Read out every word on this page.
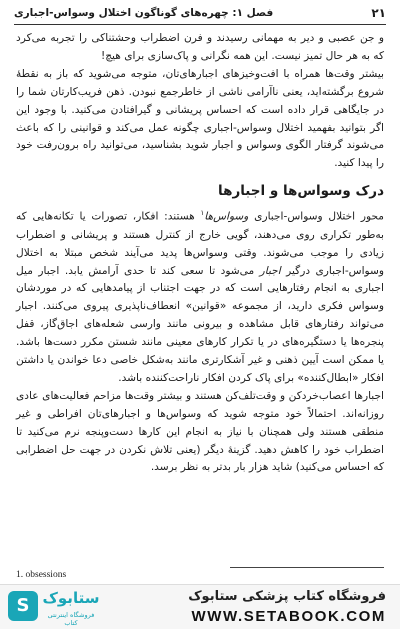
فصل ۱: چهره‌های گوناگون اختلال وسواس-اجباری	۲۱

و جن عصبی و دیر به مهمانی رسیدند و فرن اضطراب وحشتناکی را تجربه می‌کرد که به هر حال تمیز نیست. این همه نگرانی و پاک‌سازی برای هیچ!

بیشتر وقت‌ها همراه با افت‌وخیزهای اجبارهای‌تان، متوجه می‌شوید که باز به نقطهٔ شروع برگشته‌اید، یعنی ناآرامی ناشی از خاطرجمع نبودن. ذهن فریب‌کارتان شما را در جایگاهی قرار داده است که احساس پریشانی و گیرافتادن می‌کنید. با وجود این اگر بتوانید بفهمید اختلال وسواس-اجباری چگونه عمل می‌کند و قوانینی را که باعث می‌شوند گرفتار الگوی وسواس و اجبار شوید بشناسید، می‌توانید راه برون‌رفت خود را پیدا کنید.

درک وسواس‌ها و اجبارها

محور اختلال وسواس-اجباری وسواس‌ها$^۱$ هستند: افکار، تصورات یا تکانه‌هایی که به‌طور تکراری روی می‌دهند، گویی خارج از کنترل هستند و پریشانی و اضطراب زیادی را موجب می‌شوند. وقتی وسواس‌ها پدید می‌آیند شخص مبتلا به اختلال وسواس-اجباری درگیر اجبار می‌شود تا سعی کند تا حدی آرامش یابد. اجبار میل اجباری به انجام رفتارهایی است که در جهت اجتناب از پیامدهایی که در موردشان وسواس فکری دارید، از مجموعه «قوانین» انعطاف‌ناپذیری پیروی می‌کنند. اجبار می‌تواند رفتارهای قابل مشاهده و بیرونی مانند وارسی شعله‌های اجاق‌گاز، قفل پنجره‌ها یا دستگیره‌های در یا تکرار کارهای معینی مانند شستن مکرر دست‌ها باشد. یا ممکن است آیین ذهنی و غیر آشکارتری مانند به‌شکل خاصی دعا خواندن یا داشتن افکار «ابطال‌کننده» برای پاک کردن افکار ناراحت‌کننده باشد.

اجبارها اعصاب‌خردکن و وقت‌تلف‌کن هستند و بیشتر وقت‌ها مزاحم فعالیت‌های عادی روزانه‌اند. احتمالاً خود متوجه شوید که وسواس‌ها و اجبارهای‌تان افراطی و غیر منطقی هستند ولی همچنان با نیاز به انجام این کارها دست‌وپنجه نرم می‌کنید تا اضطراب خود را کاهش دهید. گزینهٔ دیگر (یعنی تلاش نکردن در جهت حل اضطرابی که احساس می‌کنید) شاید هزار بار بدتر به نظر برسد.

1. obsessions
S ستابوک
فروشگاه اینترنتی کتاب
فروشگاه کتاب پزشکی ستابوک
WWW.SETABOOK.COM
